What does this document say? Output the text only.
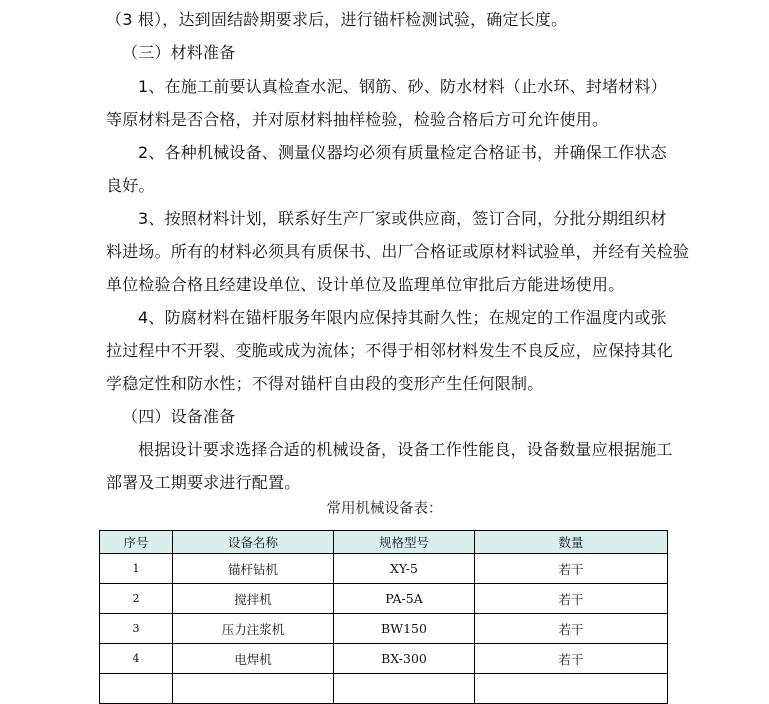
（3 根），达到固结龄期要求后，进行锚杆检测试验，确定长度。
（三）材料准备
1、在施工前要认真检查水泥、钢筋、砂、防水材料（止水环、封堵材料）
等原材料是否合格，并对原材料抽样检验，检验合格后方可允许使用。
2、各种机械设备、测量仪器均必须有质量检定合格证书，并确保工作状态
良好。
3、按照材料计划，联系好生产厂家或供应商，签订合同，分批分期组织材
料进场。所有的材料必须具有质保书、出厂合格证或原材料试验单，并经有关检验
单位检验合格且经建设单位、设计单位及监理单位审批后方能进场使用。
4、防腐材料在锚杆服务年限内应保持其耐久性；在规定的工作温度内或张
拉过程中不开裂、变脆或成为流体；不得于相邻材料发生不良反应，应保持其化
学稳定性和防水性；不得对锚杆自由段的变形产生任何限制。
（四）设备准备
根据设计要求选择合适的机械设备，设备工作性能良，设备数量应根据施工
部署及工期要求进行配置。
常用机械设备表：
序号	设备名称	规格型号	数量
1	锚杆钻机	XY-5	若干
2	搅拌机	PA-5A	若干
3	压力注浆机	BW150	若干
4	电焊机	BX-300	若干
